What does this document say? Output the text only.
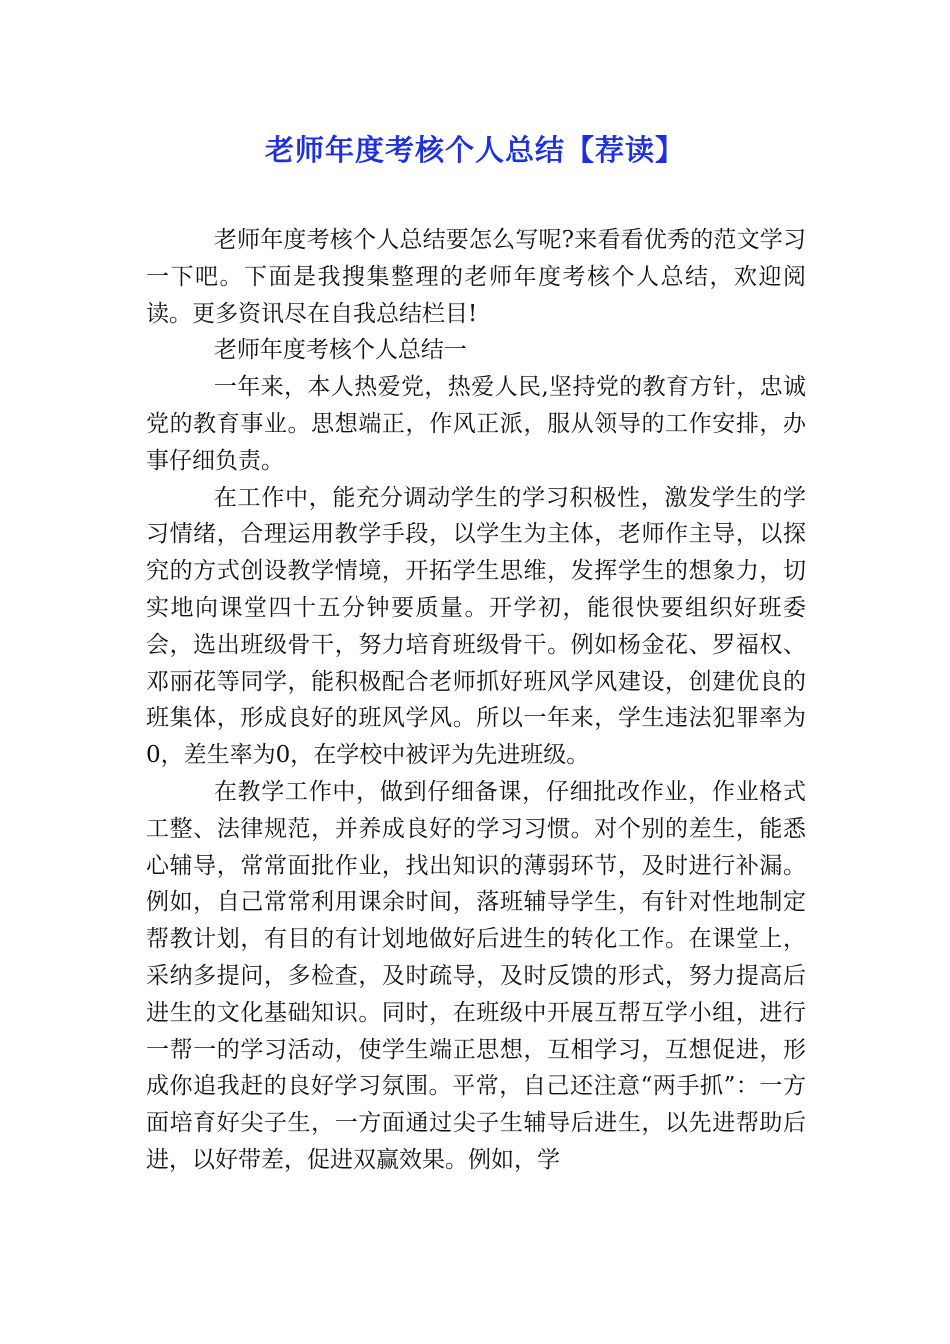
老师年度考核个人总结【荐读】

老师年度考核个人总结要怎么写呢?来看看优秀的范文学习一下吧。下面是我搜集整理的老师年度考核个人总结，欢迎阅读。更多资讯尽在自我总结栏目!

老师年度考核个人总结一

一年来，本人热爱党，热爱人民,坚持党的教育方针，忠诚党的教育事业。思想端正，作风正派，服从领导的工作安排，办事仔细负责。

在工作中，能充分调动学生的学习积极性，激发学生的学习情绪，合理运用教学手段，以学生为主体，老师作主导，以探究的方式创设教学情境，开拓学生思维，发挥学生的想象力，切实地向课堂四十五分钟要质量。开学初，能很快要组织好班委会，选出班级骨干，努力培育班级骨干。例如杨金花、罗福权、邓丽花等同学，能积极配合老师抓好班风学风建设，创建优良的班集体，形成良好的班风学风。所以一年来，学生违法犯罪率为0，差生率为0，在学校中被评为先进班级。

在教学工作中，做到仔细备课，仔细批改作业，作业格式工整、法律规范，并养成良好的学习习惯。对个别的差生，能悉心辅导，常常面批作业，找出知识的薄弱环节，及时进行补漏。例如，自己常常利用课余时间，落班辅导学生，有针对性地制定帮教计划，有目的有计划地做好后进生的转化工作。在课堂上，采纳多提问，多检查，及时疏导，及时反馈的形式，努力提高后进生的文化基础知识。同时，在班级中开展互帮互学小组，进行一帮一的学习活动，使学生端正思想，互相学习，互想促进，形成你追我赶的良好学习氛围。平常，自己还注意“两手抓”：一方面培育好尖子生，一方面通过尖子生辅导后进生，以先进帮助后进，以好带差，促进双赢效果。例如，学
